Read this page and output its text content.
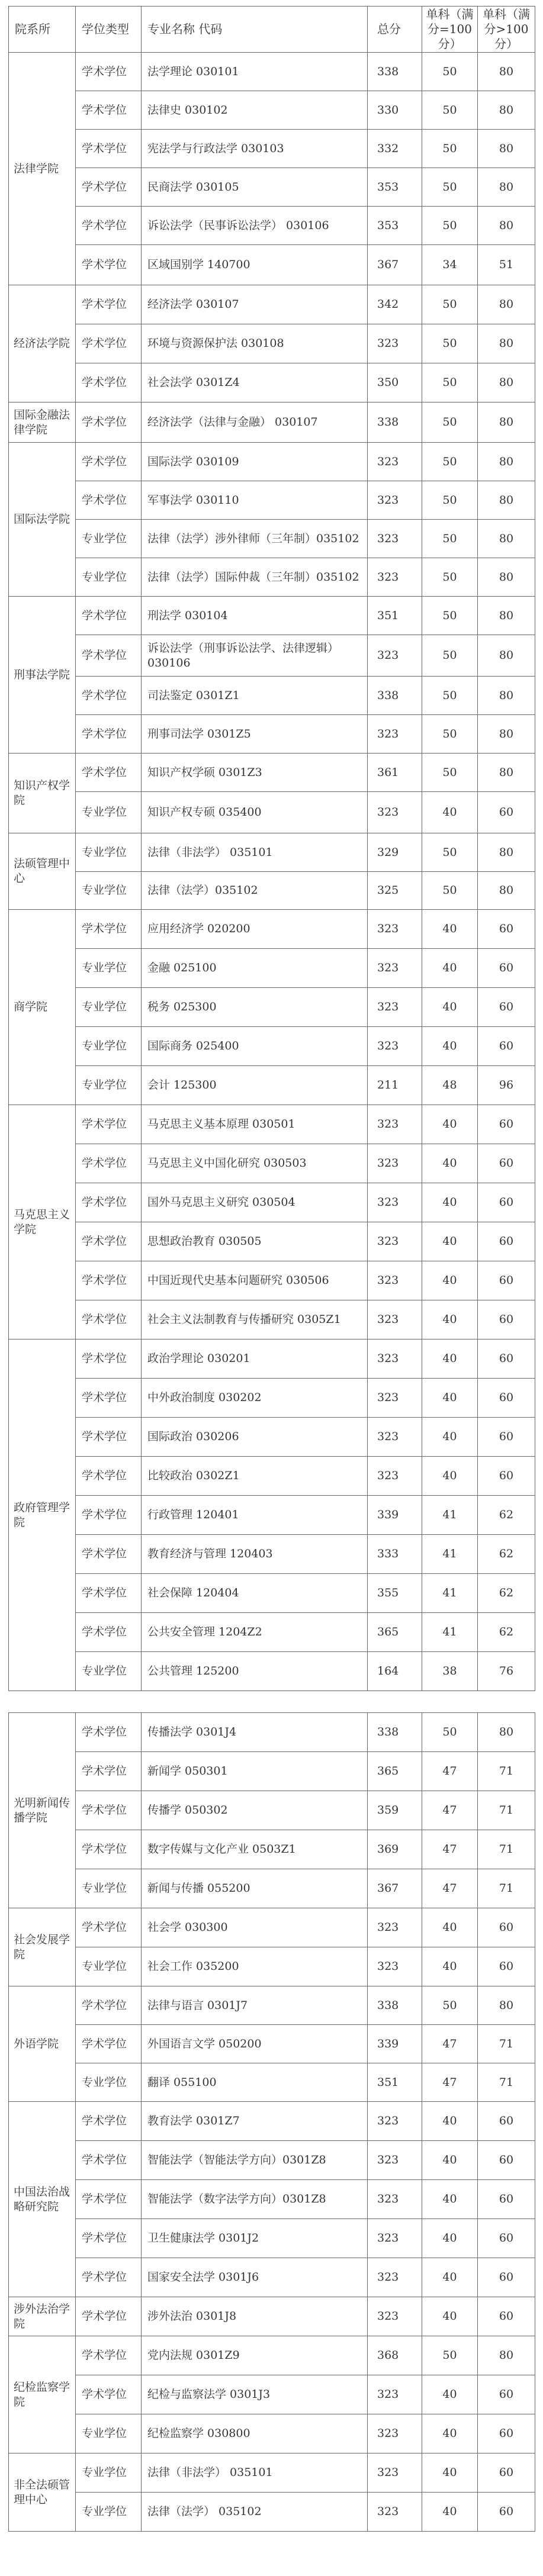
院系所	学位类型	专业名称 代码	总分	单科（满分=100分）	单科（满分>100分）
法律学院	学术学位	法学理论 030101	338	50	80
	学术学位	法律史 030102	330	50	80
	学术学位	宪法学与行政法学 030103	332	50	80
	学术学位	民商法学 030105	353	50	80
	学术学位	诉讼法学（民事诉讼法学） 030106	353	50	80
	学术学位	区域国别学 140700	367	34	51
经济法学院	学术学位	经济法学 030107	342	50	80
	学术学位	环境与资源保护法 030108	323	50	80
	学术学位	社会法学 0301Z4	350	50	80
国际金融法律学院	学术学位	经济法学（法律与金融） 030107	338	50	80
国际法学院	学术学位	国际法学 030109	323	50	80
	学术学位	军事法学 030110	323	50	80
	专业学位	法律（法学）涉外律师（三年制）035102	323	50	80
	专业学位	法律（法学）国际仲裁（三年制）035102	323	50	80
刑事法学院	学术学位	刑法学 030104	351	50	80
	学术学位	诉讼法学（刑事诉讼法学、法律逻辑） 030106	323	50	80
	学术学位	司法鉴定 0301Z1	338	50	80
	学术学位	刑事司法学 0301Z5	323	50	80
知识产权学院	学术学位	知识产权学硕 0301Z3	361	50	80
	专业学位	知识产权专硕 035400	323	40	60
法硕管理中心	专业学位	法律（非法学） 035101	329	50	80
	专业学位	法律（法学）035102	325	50	80
商学院	学术学位	应用经济学 020200	323	40	60
	专业学位	金融 025100	323	40	60
	专业学位	税务 025300	323	40	60
	专业学位	国际商务 025400	323	40	60
	专业学位	会计 125300	211	48	96
马克思主义学院	学术学位	马克思主义基本原理 030501	323	40	60
	学术学位	马克思主义中国化研究 030503	323	40	60
	学术学位	国外马克思主义研究 030504	323	40	60
	学术学位	思想政治教育 030505	323	40	60
	学术学位	中国近现代史基本问题研究 030506	323	40	60
	学术学位	社会主义法制教育与传播研究 0305Z1	323	40	60
政府管理学院	学术学位	政治学理论 030201	323	40	60
	学术学位	中外政治制度 030202	323	40	60
	学术学位	国际政治 030206	323	40	60
	学术学位	比较政治 0302Z1	323	40	60
	学术学位	行政管理 120401	339	41	62
	学术学位	教育经济与管理 120403	333	41	62
	学术学位	社会保障 120404	355	41	62
	学术学位	公共安全管理 1204Z2	365	41	62
	专业学位	公共管理 125200	164	38	76
光明新闻传播学院	学术学位	传播法学 0301J4	338	50	80
	学术学位	新闻学 050301	365	47	71
	学术学位	传播学 050302	359	47	71
	学术学位	数字传媒与文化产业 0503Z1	369	47	71
	专业学位	新闻与传播 055200	367	47	71
社会发展学院	学术学位	社会学 030300	323	40	60
	专业学位	社会工作 035200	323	40	60
外语学院	学术学位	法律与语言 0301J7	338	50	80
	学术学位	外国语言文学 050200	339	47	71
	专业学位	翻译 055100	351	47	71
中国法治战略研究院	学术学位	教育法学 0301Z7	323	40	60
	学术学位	智能法学（智能法学方向）0301Z8	323	40	60
	学术学位	智能法学（数字法学方向）0301Z8	323	40	60
	学术学位	卫生健康法学 0301J2	323	40	60
	学术学位	国家安全法学 0301J6	323	40	60
涉外法治学院	学术学位	涉外法治 0301J8	323	40	60
纪检监察学院	学术学位	党内法规 0301Z9	368	50	80
	学术学位	纪检与监察法学 0301J3	323	40	60
	专业学位	纪检监察学 030800	323	40	60
非全法硕管理中心	专业学位	法律（非法学） 035101	323	40	60
	专业学位	法律（法学） 035102	323	40	60
